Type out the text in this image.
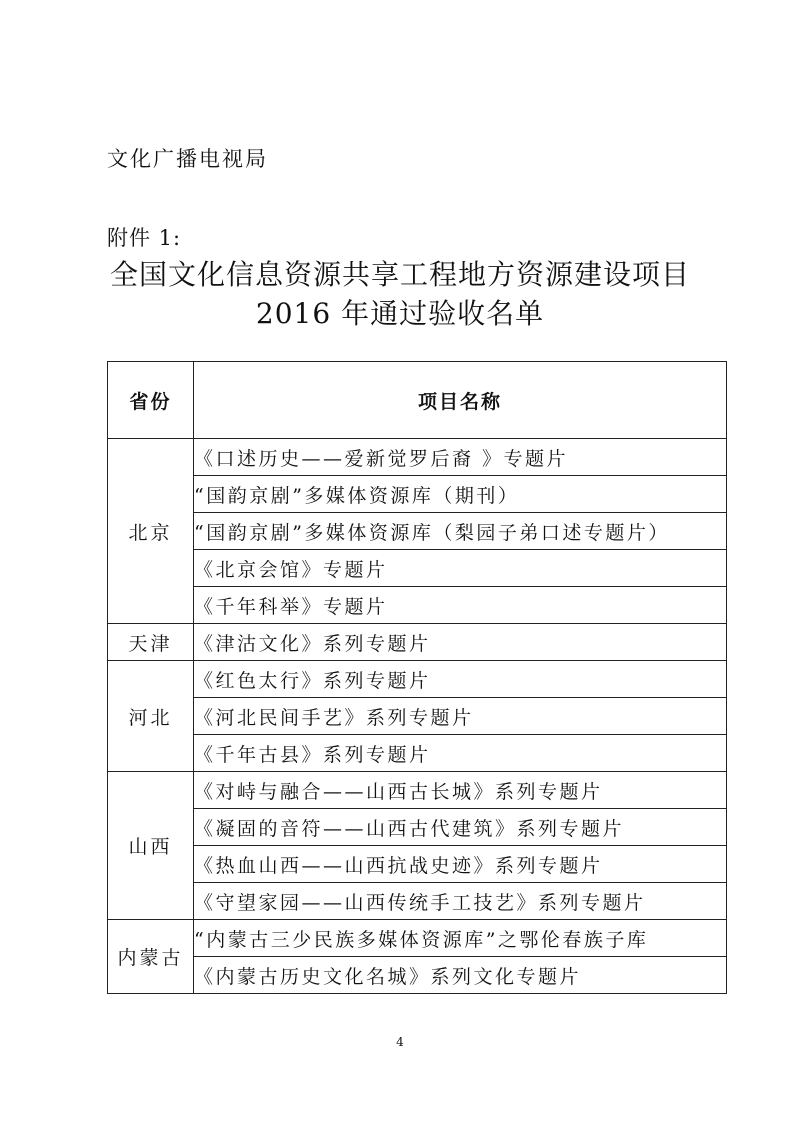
文化广播电视局
附件 1:
全国文化信息资源共享工程地方资源建设项目
2016 年通过验收名单
省份	项目名称
北京	《口述历史——爱新觉罗后裔 》专题片
	“国韵京剧”多媒体资源库（期刊）
	“国韵京剧”多媒体资源库（梨园子弟口述专题片）
	《北京会馆》专题片
	《千年科举》专题片
天津	《津沽文化》系列专题片
河北	《红色太行》系列专题片
	《河北民间手艺》系列专题片
	《千年古县》系列专题片
山西	《对峙与融合——山西古长城》系列专题片
	《凝固的音符——山西古代建筑》系列专题片
	《热血山西——山西抗战史迹》系列专题片
	《守望家园——山西传统手工技艺》系列专题片
内蒙古	“内蒙古三少民族多媒体资源库”之鄂伦春族子库
	《内蒙古历史文化名城》系列文化专题片
4
